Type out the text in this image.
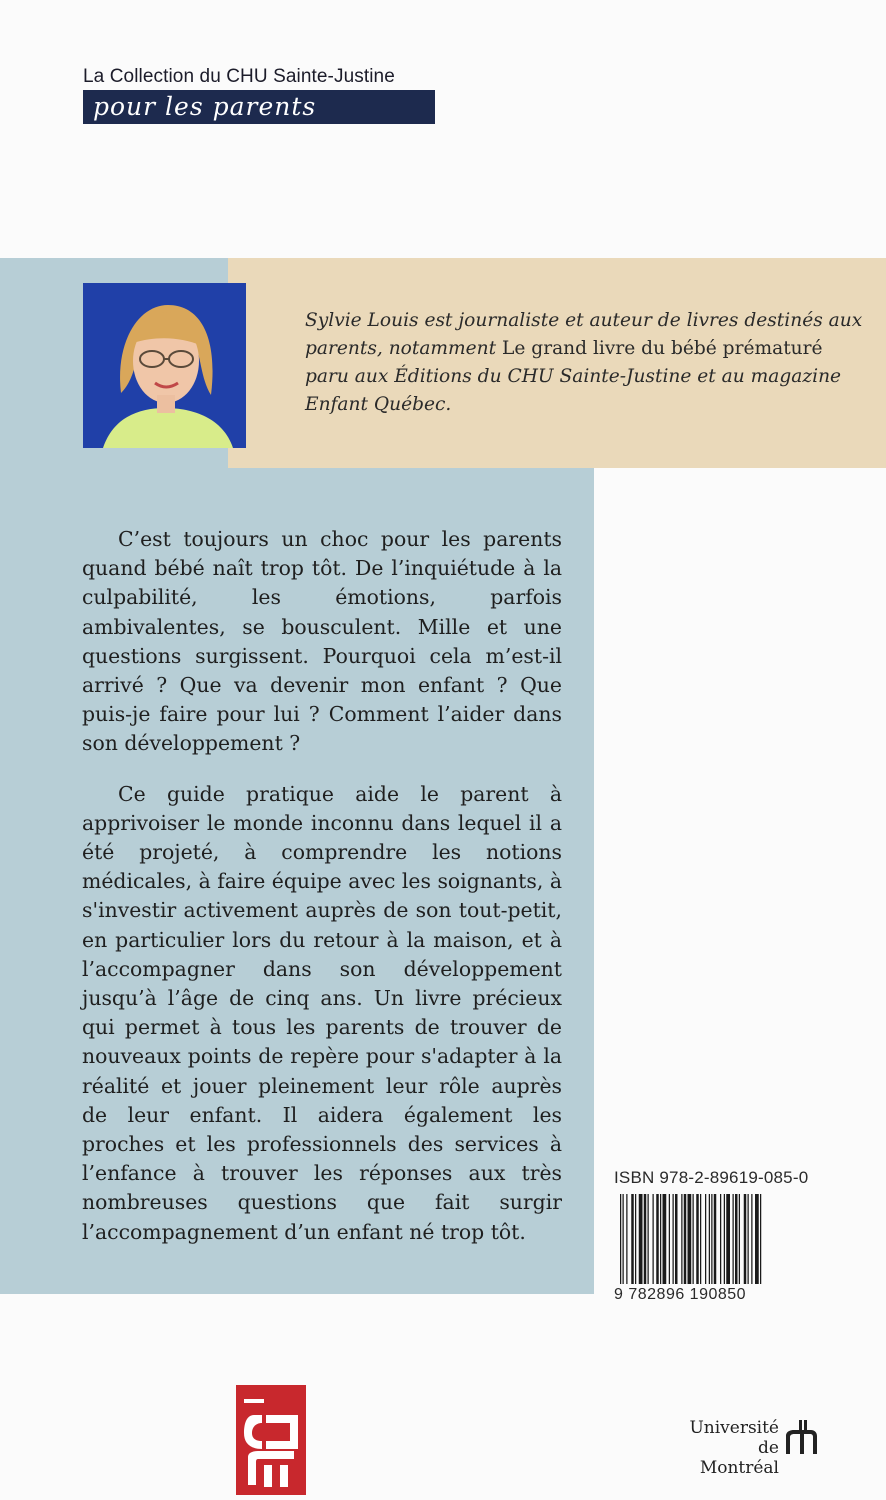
La Collection du CHU Sainte-Justine
pour les parents
Sylvie Louis est journaliste et auteur de livres destinés aux parents, notamment Le grand livre du bébé prématuré paru aux Éditions du CHU Sainte-Justine et au magazine Enfant Québec.

C’est toujours un choc pour les parents quand bébé naît trop tôt. De l’inquiétude à la culpabilité, les émotions, parfois ambivalentes, se bousculent. Mille et une questions surgissent. Pourquoi cela m’est-il arrivé ? Que va devenir mon enfant ? Que puis-je faire pour lui ? Comment l’aider dans son développement ?

Ce guide pratique aide le parent à apprivoiser le monde inconnu dans lequel il a été projeté, à comprendre les notions médicales, à faire équipe avec les soignants, à s'investir activement auprès de son tout-petit, en particulier lors du retour à la maison, et à l’accompagner dans son développement jusqu’à l’âge de cinq ans. Un livre précieux qui permet à tous les parents de trouver de nouveaux points de repère pour s'adapter à la réalité et jouer pleinement leur rôle auprès de leur enfant. Il aidera également les proches et les professionnels des services à l’enfance à trouver les réponses aux très nombreuses questions que fait surgir l’accompagnement d’un enfant né trop tôt.

ISBN 978-2-89619-085-0
9 782896 190850
Université
de Montréal
